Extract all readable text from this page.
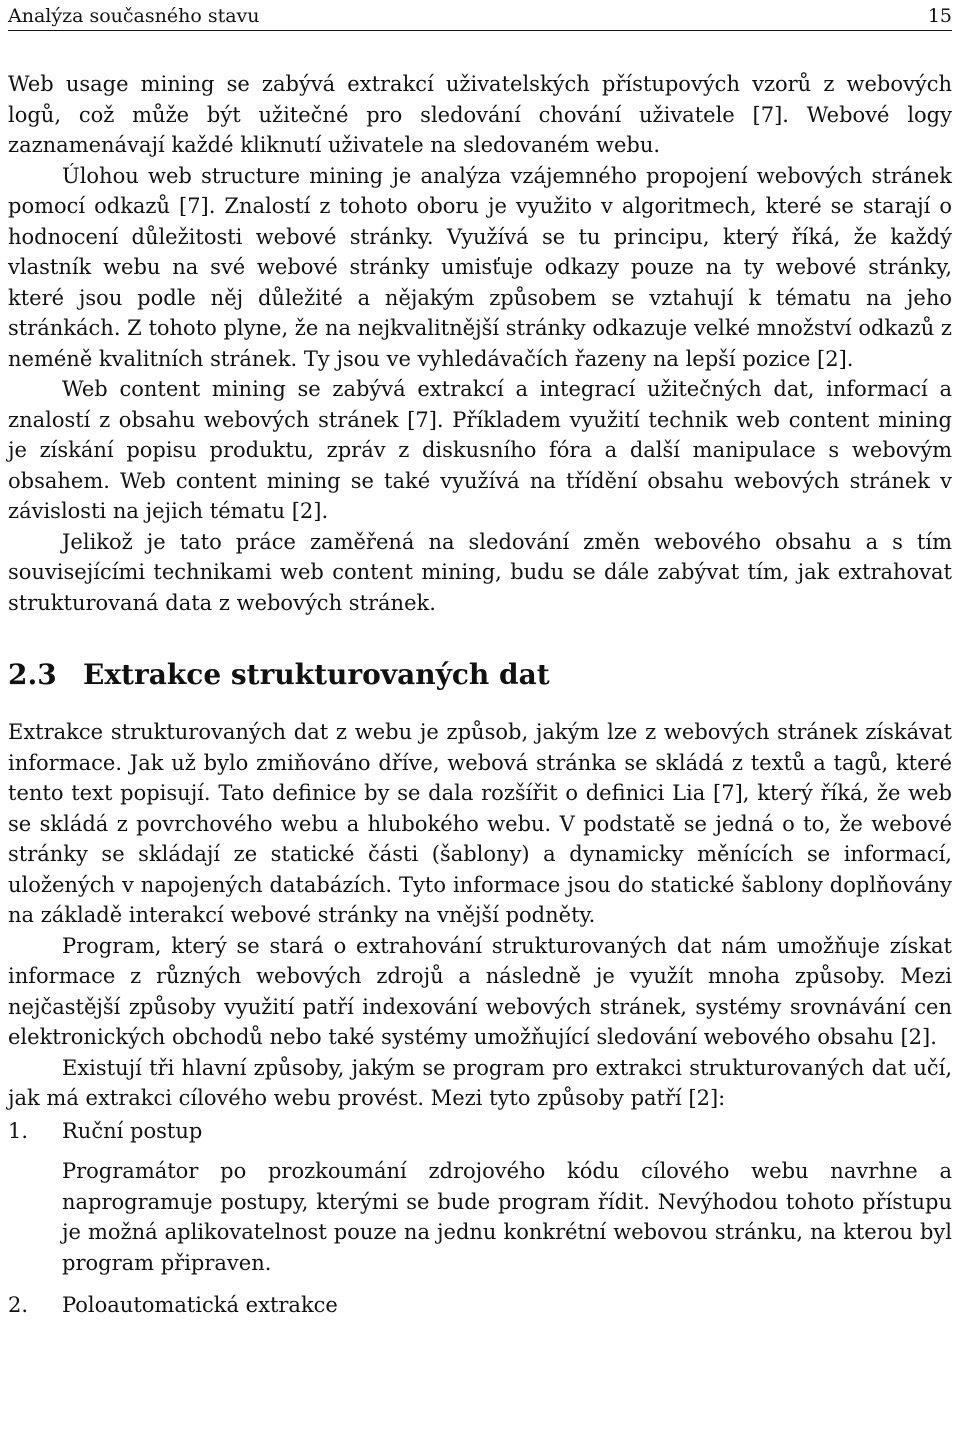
Analýza současného stavu	15

Web usage mining se zabývá extrakcí uživatelských přístupových vzorů z webových logů, což může být užitečné pro sledování chování uživatele [7]. Webové logy zaznamenávají každé kliknutí uživatele na sledovaném webu.

Úlohou web structure mining je analýza vzájemného propojení webových stránek pomocí odkazů [7]. Znalostí z tohoto oboru je využito v algoritmech, které se starají o hodnocení důležitosti webové stránky. Využívá se tu principu, který říká, že každý vlastník webu na své webové stránky umisťuje odkazy pouze na ty webové stránky, které jsou podle něj důležité a nějakým způsobem se vztahují k tématu na jeho stránkách. Z tohoto plyne, že na nejkvalitnější stránky odkazuje velké množství odkazů z neméně kvalitních stránek. Ty jsou ve vyhledávačích řazeny na lepší pozice [2].

Web content mining se zabývá extrakcí a integrací užitečných dat, informací a znalostí z obsahu webových stránek [7]. Příkladem využití technik web content mining je získání popisu produktu, zpráv z diskusního fóra a další manipulace s webovým obsahem. Web content mining se také využívá na třídění obsahu webových stránek v závislosti na jejich tématu [2].

Jelikož je tato práce zaměřená na sledování změn webového obsahu a s tím souvisejícími technikami web content mining, budu se dále zabývat tím, jak extrahovat strukturovaná data z webových stránek.

2.3 Extrakce strukturovaných dat

Extrakce strukturovaných dat z webu je způsob, jakým lze z webových stránek získávat informace. Jak už bylo zmiňováno dříve, webová stránka se skládá z textů a tagů, které tento text popisují. Tato definice by se dala rozšířit o definici Lia [7], který říká, že web se skládá z povrchového webu a hlubokého webu. V podstatě se jedná o to, že webové stránky se skládají ze statické části (šablony) a dynamicky měnících se informací, uložených v napojených databázích. Tyto informace jsou do statické šablony doplňovány na základě interakcí webové stránky na vnější podněty.

Program, který se stará o extrahování strukturovaných dat nám umožňuje získat informace z různých webových zdrojů a následně je využít mnoha způsoby. Mezi nejčastější způsoby využití patří indexování webových stránek, systémy srovnávání cen elektronických obchodů nebo také systémy umožňující sledování webového obsahu [2].

Existují tři hlavní způsoby, jakým se program pro extrakci strukturovaných dat učí, jak má extrakci cílového webu provést. Mezi tyto způsoby patří [2]:

1.	Ruční postup

Programátor po prozkoumání zdrojového kódu cílového webu navrhne a naprogramuje postupy, kterými se bude program řídit. Nevýhodou tohoto přístupu je možná aplikovatelnost pouze na jednu konkrétní webovou stránku, na kterou byl program připraven.

2.	Poloautomatická extrakce
